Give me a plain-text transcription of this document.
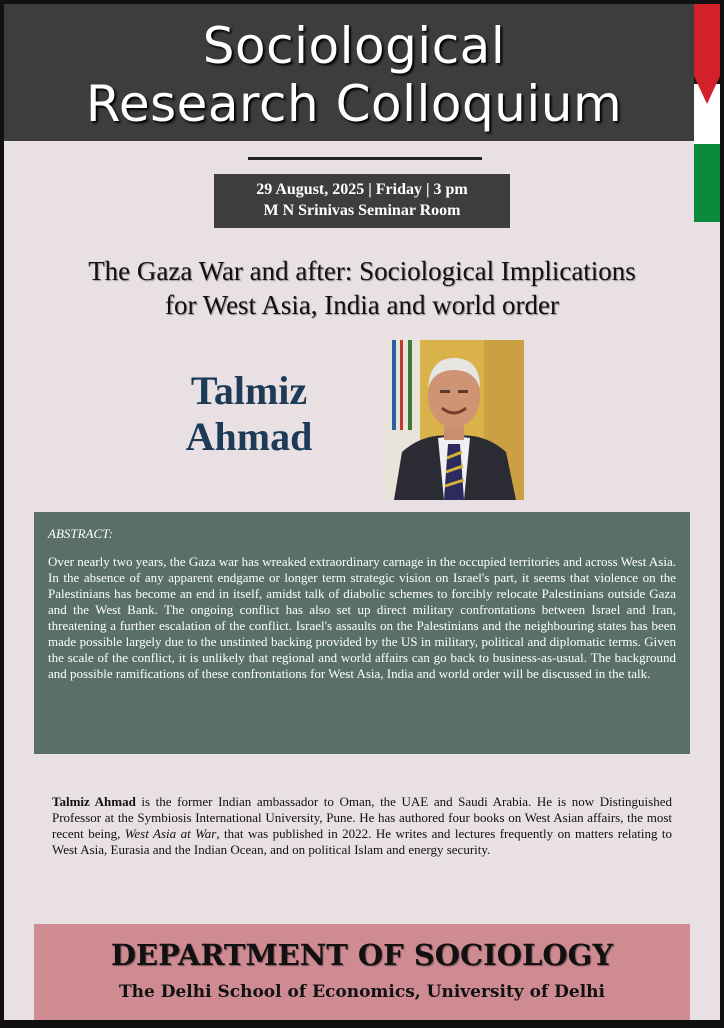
Sociological
Research Colloquium
29 August, 2025 | Friday | 3 pm
M N Srinivas Seminar Room
The Gaza War and after: Sociological Implications
for West Asia, India and world order
Talmiz
Ahmad
ABSTRACT:
Over nearly two years, the Gaza war has wreaked extraordinary carnage in the occupied territories and across West Asia. In the absence of any apparent endgame or longer term strategic vision on Israel's part, it seems that violence on the Palestinians has become an end in itself, amidst talk of diabolic schemes to forcibly relocate Palestinians outside Gaza and the West Bank. The ongoing conflict has also set up direct military confrontations between Israel and Iran, threatening a further escalation of the conflict. Israel's assaults on the Palestinians and the neighbouring states has been made possible largely due to the unstinted backing provided by the US in military, political and diplomatic terms. Given the scale of the conflict, it is unlikely that regional and world affairs can go back to business-as-usual. The background and possible ramifications of these confrontations for West Asia, India and world order will be discussed in the talk.
Talmiz Ahmad is the former Indian ambassador to Oman, the UAE and Saudi Arabia. He is now Distinguished Professor at the Symbiosis International University, Pune. He has authored four books on West Asian affairs, the most recent being, West Asia at War, that was published in 2022. He writes and lectures frequently on matters relating to West Asia, Eurasia and the Indian Ocean, and on political Islam and energy security.
DEPARTMENT OF SOCIOLOGY
The Delhi School of Economics, University of Delhi
